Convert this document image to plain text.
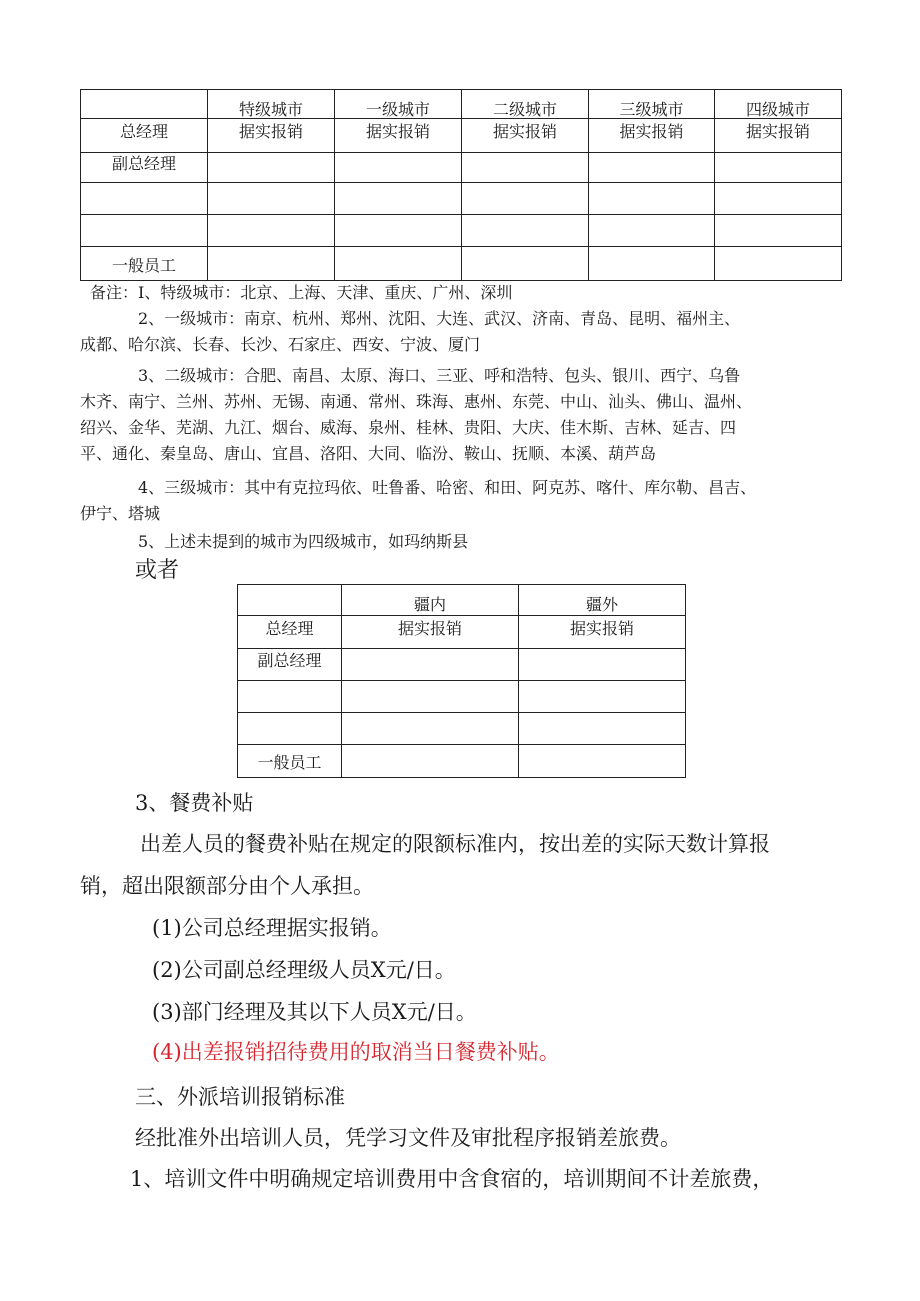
	特级城市	一级城市	二级城市	三级城市	四级城市
总经理	据实报销	据实报销	据实报销	据实报销	据实报销
副总经理					

一般员工					
备注：I、特级城市：北京、上海、天津、重庆、广州、深圳
2、一级城市：南京、杭州、郑州、沈阳、大连、武汉、济南、青岛、昆明、福州主、
成都、哈尔滨、长春、长沙、石家庄、西安、宁波、厦门
3、二级城市：合肥、南昌、太原、海口、三亚、呼和浩特、包头、银川、西宁、乌鲁
木齐、南宁、兰州、苏州、无锡、南通、常州、珠海、惠州、东莞、中山、汕头、佛山、温州、
绍兴、金华、芜湖、九江、烟台、威海、泉州、桂林、贵阳、大庆、佳木斯、吉林、延吉、四
平、通化、秦皇岛、唐山、宜昌、洛阳、大同、临汾、鞍山、抚顺、本溪、葫芦岛
4、三级城市：其中有克拉玛依、吐鲁番、哈密、和田、阿克苏、喀什、库尔勒、昌吉、
伊宁、塔城
5、上述未提到的城市为四级城市，如玛纳斯县
或者
	疆内	疆外
总经理	据实报销	据实报销
副总经理		

一般员工		
3、餐费补贴
出差人员的餐费补贴在规定的限额标准内，按出差的实际天数计算报
销，超出限额部分由个人承担。
(1)公司总经理据实报销。
(2)公司副总经理级人员X元/日。
(3)部门经理及其以下人员X元/日。
(4)出差报销招待费用的取消当日餐费补贴。
三、外派培训报销标准
经批准外出培训人员，凭学习文件及审批程序报销差旅费。
1、培训文件中明确规定培训费用中含食宿的，培训期间不计差旅费，
